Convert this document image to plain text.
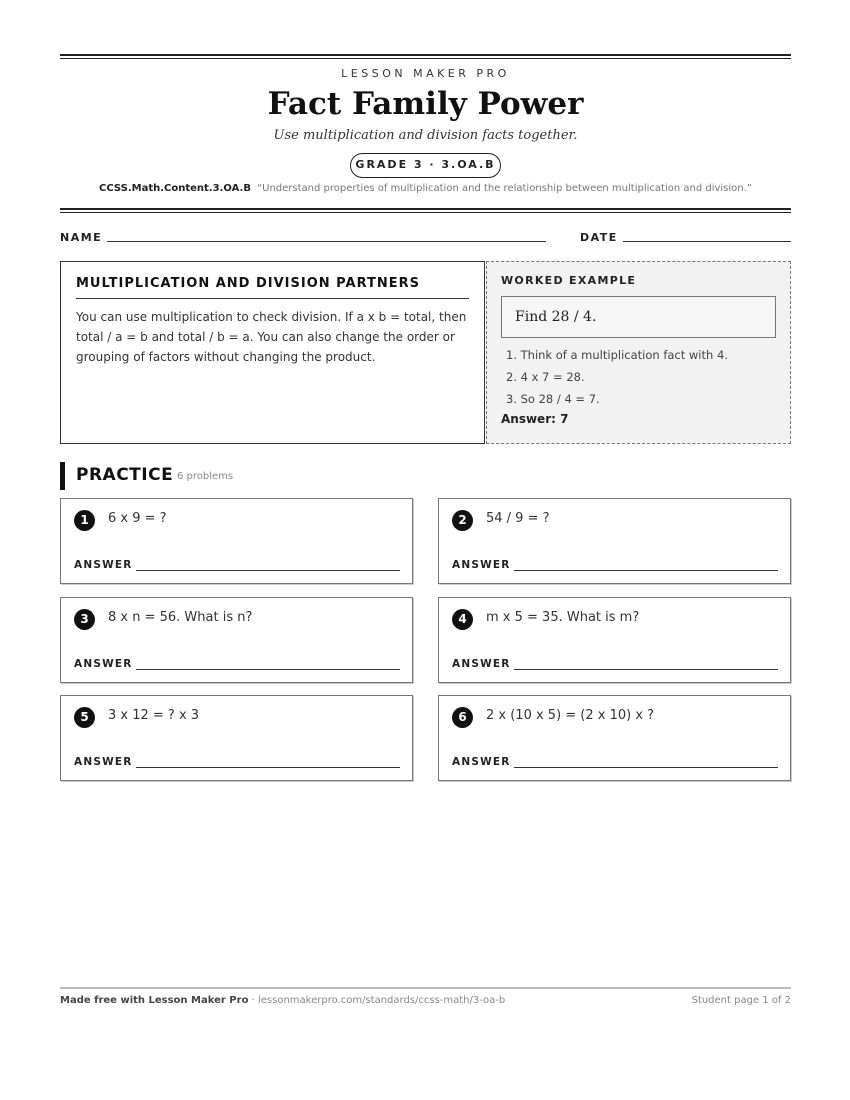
LESSON MAKER PRO
Fact Family Power
Use multiplication and division facts together.
GRADE 3 · 3.OA.B
CCSS.Math.Content.3.OA.B “Understand properties of multiplication and the relationship between multiplication and division.”
NAME	DATE
MULTIPLICATION AND DIVISION PARTNERS

You can use multiplication to check division. If a x b = total, then total / a = b and total / b = a. You can also change the order or grouping of factors without changing the product.

WORKED EXAMPLE
Find 28 / 4.
1. Think of a multiplication fact with 4.
2. 4 x 7 = 28.
3. So 28 / 4 = 7.
Answer: 7
PRACTICE 6 problems
1	6 x 9 = ?
ANSWER
2	54 / 9 = ?
ANSWER
3	8 x n = 56. What is n?
ANSWER
4	m x 5 = 35. What is m?
ANSWER
5	3 x 12 = ? x 3
ANSWER
6	2 x (10 x 5) = (2 x 10) x ?
ANSWER
Made free with Lesson Maker Pro · lessonmakerpro.com/standards/ccss-math/3-oa-b	Student page 1 of 2
